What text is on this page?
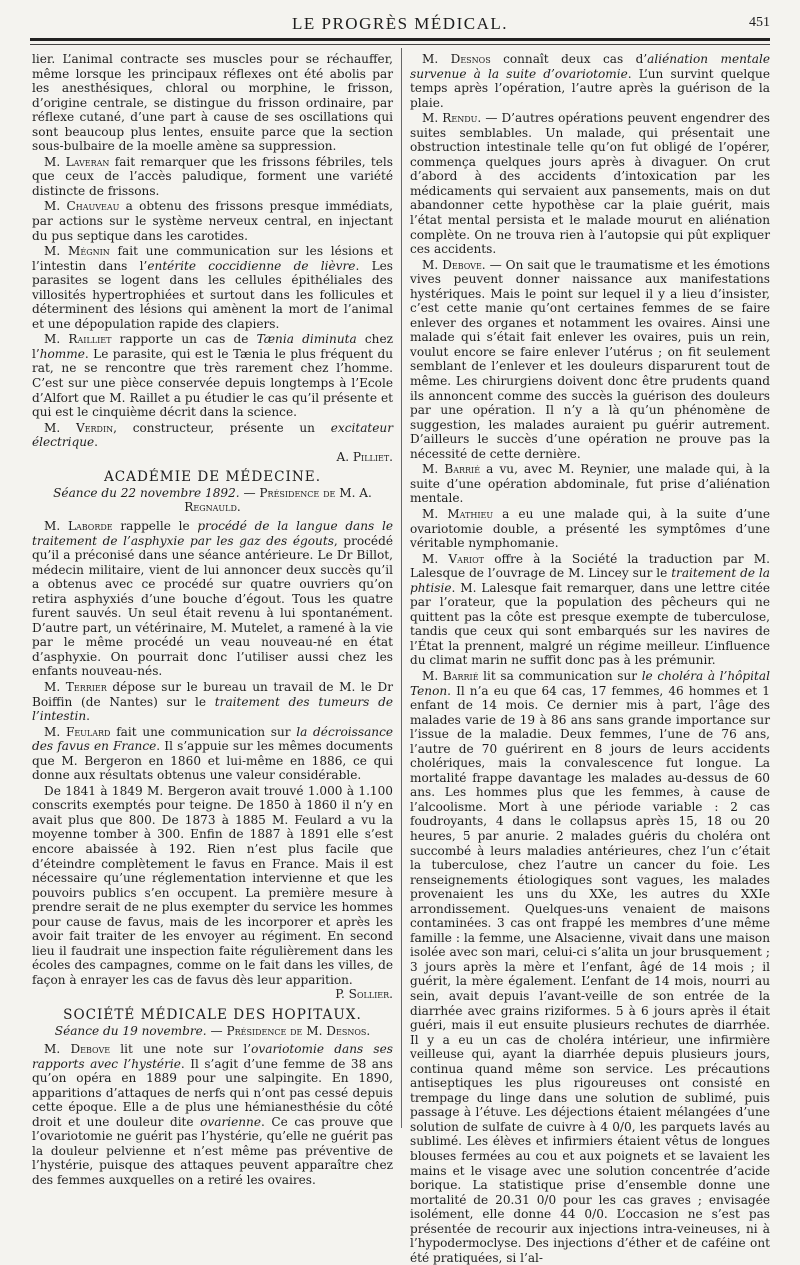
LE PROGRÈS MÉDICAL.	451

lier. L’animal contracte ses muscles pour se réchauffer, même lorsque les principaux réflexes ont été abolis par les anesthésiques, chloral ou morphine, le frisson, d’origine centrale, se distingue du frisson ordinaire, par réflexe cutané, d’une part à cause de ses oscillations qui sont beaucoup plus lentes, ensuite parce que la section sous-bulbaire de la moelle amène sa suppression.

M. Laveran fait remarquer que les frissons fébriles, tels que ceux de l’accès paludique, forment une variété distincte de frissons.

M. Chauveau a obtenu des frissons presque immédiats, par actions sur le système nerveux central, en injectant du pus septique dans les carotides.

M. Mégnin fait une communication sur les lésions et l’intestin dans l’entérite coccidienne de lièvre. Les parasites se logent dans les cellules épithéliales des villosités hypertrophiées et surtout dans les follicules et déterminent des lésions qui amènent la mort de l’animal et une dépopulation rapide des clapiers.

M. Railliet rapporte un cas de Tænia diminuta chez l’homme. Le parasite, qui est le Tænia le plus fréquent du rat, ne se rencontre que très rarement chez l’homme. C’est sur une pièce conservée depuis longtemps à l’Ecole d’Alfort que M. Raillet a pu étudier le cas qu’il présente et qui est le cinquième décrit dans la science.

M. Verdin, constructeur, présente un excitateur électrique.
A. Pilliet.

ACADÉMIE DE MÉDECINE.
Séance du 22 novembre 1892. — Présidence de M. A. Regnauld.

M. Laborde rappelle le procédé de la langue dans le traitement de l’asphyxie par les gaz des égouts, procédé qu’il a préconisé dans une séance antérieure. Le Dr Billot, médecin militaire, vient de lui annoncer deux succès qu’il a obtenus avec ce procédé sur quatre ouvriers qu’on retira asphyxiés d’une bouche d’égout. Tous les quatre furent sauvés. Un seul était revenu à lui spontanément. D’autre part, un vétérinaire, M. Mutelet, a ramené à la vie par le même procédé un veau nouveau-né en état d’asphyxie. On pourrait donc l’utiliser aussi chez les enfants nouveau-nés.

M. Terrier dépose sur le bureau un travail de M. le Dr Boiffin (de Nantes) sur le traitement des tumeurs de l’intestin.

M. Feulard fait une communication sur la décroissance des favus en France. Il s’appuie sur les mêmes documents que M. Bergeron en 1860 et lui-même en 1886, ce qui donne aux résultats obtenus une valeur considérable.

De 1841 à 1849 M. Bergeron avait trouvé 1.000 à 1.100 conscrits exemptés pour teigne. De 1850 à 1860 il n’y en avait plus que 800. De 1873 à 1885 M. Feulard a vu la moyenne tomber à 300. Enfin de 1887 à 1891 elle s’est encore abaissée à 192. Rien n’est plus facile que d’éteindre complètement le favus en France. Mais il est nécessaire qu’une réglementation intervienne et que les pouvoirs publics s’en occupent. La première mesure à prendre serait de ne plus exempter du service les hommes pour cause de favus, mais de les incorporer et après les avoir fait traiter de les envoyer au régiment. En second lieu il faudrait une inspection faite régulièrement dans les écoles des campagnes, comme on le fait dans les villes, de façon à enrayer les cas de favus dès leur apparition.
P. Sollier.

SOCIÉTÉ MÉDICALE DES HOPITAUX.
Séance du 19 novembre. — Présidence de M. Desnos.

M. Debove lit une note sur l’ovariotomie dans ses rapports avec l’hystérie. Il s’agit d’une femme de 38 ans qu’on opéra en 1889 pour une salpingite. En 1890, apparitions d’attaques de nerfs qui n’ont pas cessé depuis cette époque. Elle a de plus une hémianesthésie du côté droit et une douleur dite ovarienne. Ce cas prouve que l’ovariotomie ne guérit pas l’hystérie, qu’elle ne guérit pas la douleur pelvienne et n’est même pas préventive de l’hystérie, puisque des attaques peuvent apparaître chez des femmes auxquelles on a retiré les ovaires.

M. Desnos connaît deux cas d’aliénation mentale survenue à la suite d’ovariotomie. L’un survint quelque temps après l’opération, l’autre après la guérison de la plaie.

M. Rendu. — D’autres opérations peuvent engendrer des suites semblables. Un malade, qui présentait une obstruction intestinale telle qu’on fut obligé de l’opérer, commença quelques jours après à divaguer. On crut d’abord à des accidents d’intoxication par les médicaments qui servaient aux pansements, mais on dut abandonner cette hypothèse car la plaie guérit, mais l’état mental persista et le malade mourut en aliénation complète. On ne trouva rien à l’autopsie qui pût expliquer ces accidents.

M. Debove. — On sait que le traumatisme et les émotions vives peuvent donner naissance aux manifestations hystériques. Mais le point sur lequel il y a lieu d’insister, c’est cette manie qu’ont certaines femmes de se faire enlever des organes et notamment les ovaires. Ainsi une malade qui s’était fait enlever les ovaires, puis un rein, voulut encore se faire enlever l’utérus ; on fit seulement semblant de l’enlever et les douleurs disparurent tout de même. Les chirurgiens doivent donc être prudents quand ils annoncent comme des succès la guérison des douleurs par une opération. Il n’y a là qu’un phénomène de suggestion, les malades auraient pu guérir autrement. D’ailleurs le succès d’une opération ne prouve pas la nécessité de cette dernière.

M. Barrié a vu, avec M. Reynier, une malade qui, à la suite d’une opération abdominale, fut prise d’aliénation mentale.

M. Mathieu a eu une malade qui, à la suite d’une ovariotomie double, a présenté les symptômes d’une véritable nymphomanie.

M. Variot offre à la Société la traduction par M. Lalesque de l’ouvrage de M. Lincey sur le traitement de la phtisie. M. Lalesque fait remarquer, dans une lettre citée par l’orateur, que la population des pêcheurs qui ne quittent pas la côte est presque exempte de tuberculose, tandis que ceux qui sont embarqués sur les navires de l’État la prennent, malgré un régime meilleur. L’influence du climat marin ne suffit donc pas à les prémunir.

M. Barrié lit sa communication sur le choléra à l’hôpital Tenon. Il n’a eu que 64 cas, 17 femmes, 46 hommes et 1 enfant de 14 mois. Ce dernier mis à part, l’âge des malades varie de 19 à 86 ans sans grande importance sur l’issue de la maladie. Deux femmes, l’une de 76 ans, l’autre de 70 guérirent en 8 jours de leurs accidents cholériques, mais la convalescence fut longue. La mortalité frappe davantage les malades au-dessus de 60 ans. Les hommes plus que les femmes, à cause de l’alcoolisme. Mort à une période variable : 2 cas foudroyants, 4 dans le collapsus après 15, 18 ou 20 heures, 5 par anurie. 2 malades guéris du choléra ont succombé à leurs maladies antérieures, chez l’un c’était la tuberculose, chez l’autre un cancer du foie. Les renseignements étiologiques sont vagues, les malades provenaient les uns du XXe, les autres du XXIe arrondissement. Quelques-uns venaient de maisons contaminées. 3 cas ont frappé les membres d’une même famille : la femme, une Alsacienne, vivait dans une maison isolée avec son mari, celui-ci s’alita un jour brusquement ; 3 jours après la mère et l’enfant, âgé de 14 mois ; il guérit, la mère également. L’enfant de 14 mois, nourri au sein, avait depuis l’avant-veille de son entrée de la diarrhée avec grains riziformes. 5 à 6 jours après il était guéri, mais il eut ensuite plusieurs rechutes de diarrhée. Il y a eu un cas de choléra intérieur, une infirmière veilleuse qui, ayant la diarrhée depuis plusieurs jours, continua quand même son service. Les précautions antiseptiques les plus rigoureuses ont consisté en trempage du linge dans une solution de sublimé, puis passage à l’étuve. Les déjections étaient mélangées d’une solution de sulfate de cuivre à 4 0/0, les parquets lavés au sublimé. Les élèves et infirmiers étaient vêtus de longues blouses fermées au cou et aux poignets et se lavaient les mains et le visage avec une solution concentrée d’acide borique. La statistique prise d’ensemble donne une mortalité de 20.31 0/0 pour les cas graves ; envisagée isolément, elle donne 44 0/0. L’occasion ne s’est pas présentée de recourir aux injections intra-veineuses, ni à l’hypodermoclyse. Des injections d’éther et de caféine ont été pratiquées, si l’al-
